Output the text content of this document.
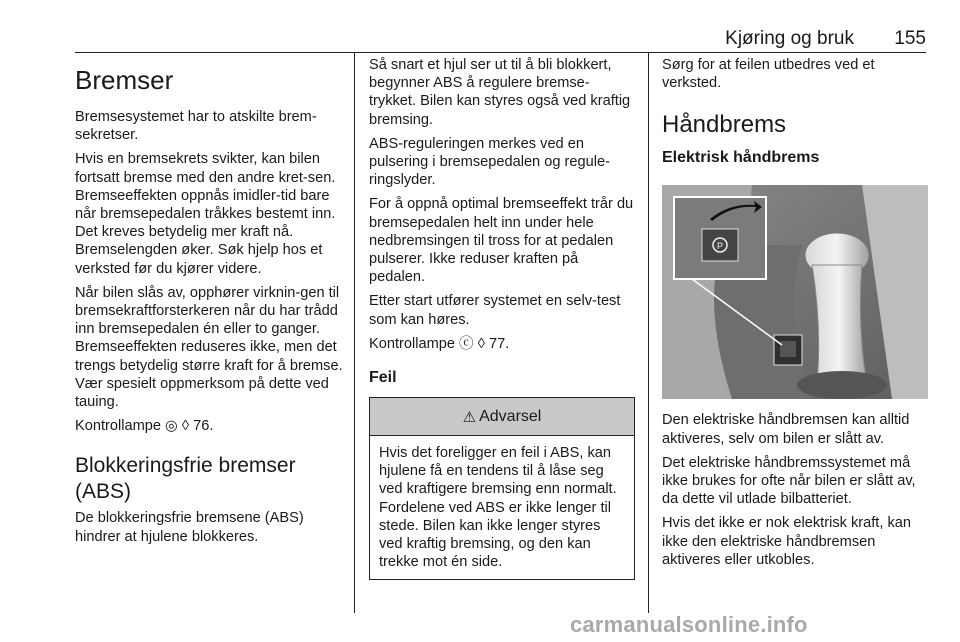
Kjøring og bruk 155
Bremser

Bremsesystemet har to atskilte brem-sekretser.

Hvis en bremsekrets svikter, kan bilen fortsatt bremse med den andre kret-sen. Bremseeffekten oppnås imidler-tid bare når bremsepedalen tråkkes bestemt inn. Det kreves betydelig mer kraft nå. Bremselengden øker. Søk hjelp hos et verksted før du kjører videre.

Når bilen slås av, opphører virknin-gen til bremsekraftforsterkeren når du har trådd inn bremsepedalen én eller to ganger. Bremseeffekten reduseres ikke, men det trengs betydelig større kraft for å bremse. Vær spesielt oppmerksom på dette ved tauing.

Kontrollampe ◎ ◊ 76.

Blokkeringsfrie bremser (ABS)

De blokkeringsfrie bremsene (ABS) hindrer at hjulene blokkeres.

Så snart et hjul ser ut til å bli blokkert, begynner ABS å regulere bremse-trykket. Bilen kan styres også ved kraftig bremsing.

ABS-reguleringen merkes ved en pulsering i bremsepedalen og regule-ringslyder.

For å oppnå optimal bremseeffekt trår du bremsepedalen helt inn under hele nedbremsingen til tross for at pedalen pulserer. Ikke reduser kraften på pedalen.

Etter start utfører systemet en selv-test som kan høres.

Kontrollampe ⓒ ◊ 77.

Feil
⚠ Advarsel
Hvis det foreligger en feil i ABS, kan hjulene få en tendens til å låse seg ved kraftigere bremsing enn normalt. Fordelene ved ABS er ikke lenger til stede. Bilen kan ikke lenger styres ved kraftig bremsing, og den kan trekke mot én side.

Sørg for at feilen utbedres ved et verksted.

Håndbrems
Elektrisk håndbrems
P

Den elektriske håndbremsen kan alltid aktiveres, selv om bilen er slått av.

Det elektriske håndbremssystemet må ikke brukes for ofte når bilen er slått av, da dette vil utlade bilbatteriet.

Hvis det ikke er nok elektrisk kraft, kan ikke den elektriske håndbremsen aktiveres eller utkobles.

carmanualsonline.info
